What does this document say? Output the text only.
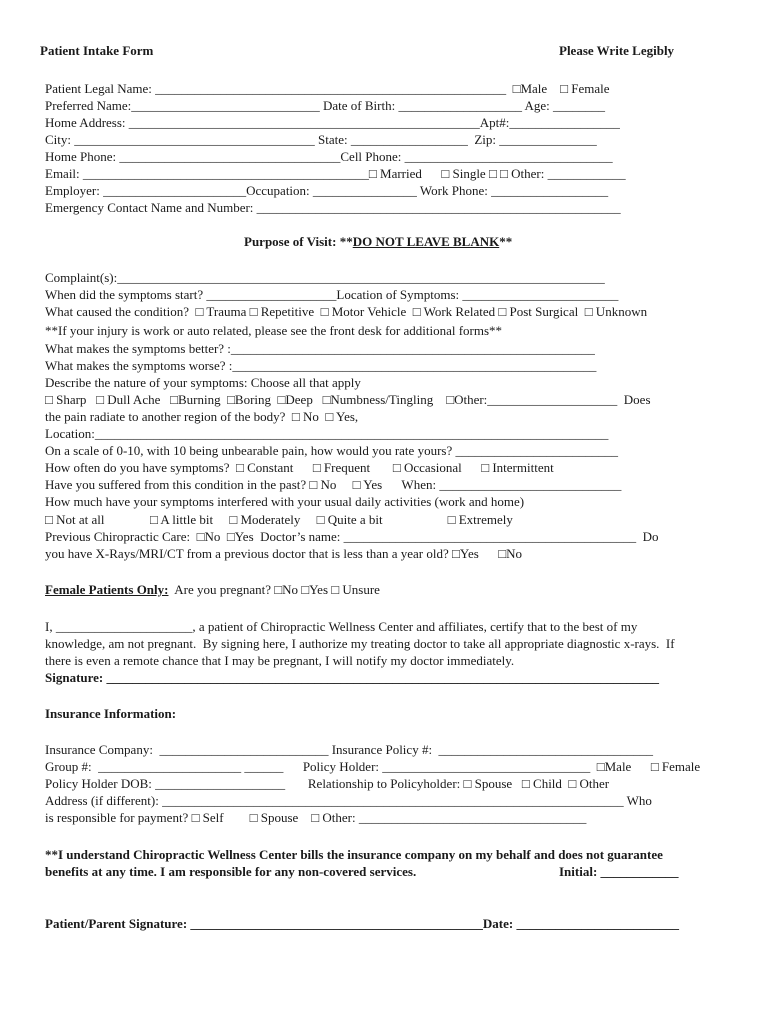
Patient Intake Form	Please Write Legibly
Patient Legal Name: ______________________________________________________  □Male    □ Female
Preferred Name:_____________________________ Date of Birth: ___________________ Age: ________
Home Address: ______________________________________________________Apt#:_________________
City: _____________________________________ State: __________________  Zip: _______________
Home Phone: __________________________________Cell Phone: ________________________________
Email: ____________________________________________□ Married      □ Single □ □ Other: ____________
Employer: ______________________Occupation: ________________ Work Phone: __________________
Emergency Contact Name and Number: ________________________________________________________
Purpose of Visit: **DO NOT LEAVE BLANK**
Complaint(s):___________________________________________________________________________
When did the symptoms start? ____________________Location of Symptoms: ________________________
What caused the condition?  □ Trauma □ Repetitive  □ Motor Vehicle  □ Work Related □ Post Surgical  □ Unknown
**If your injury is work or auto related, please see the front desk for additional forms**
What makes the symptoms better? :________________________________________________________
What makes the symptoms worse? :________________________________________________________
Describe the nature of your symptoms: Choose all that apply
□ Sharp   □ Dull Ache   □Burning  □Boring  □Deep   □Numbness/Tingling    □Other:____________________  Does
the pain radiate to another region of the body?  □ No  □ Yes,
Location:_______________________________________________________________________________
On a scale of 0-10, with 10 being unbearable pain, how would you rate yours? _________________________
How often do you have symptoms?  □ Constant      □ Frequent       □ Occasional      □ Intermittent
Have you suffered from this condition in the past? □ No     □ Yes      When: ____________________________
How much have your symptoms interfered with your usual daily activities (work and home)
□ Not at all              □ A little bit     □ Moderately     □ Quite a bit                    □ Extremely
Previous Chiropractic Care:  □No  □Yes  Doctor’s name: _____________________________________________  Do
you have X-Rays/MRI/CT from a previous doctor that is less than a year old? □Yes      □No
Female Patients Only:  Are you pregnant? □No □Yes □ Unsure
I, _____________________, a patient of Chiropractic Wellness Center and affiliates, certify that to the best of my
knowledge, am not pregnant.  By signing here, I authorize my treating doctor to take all appropriate diagnostic x-rays.  If
there is even a remote chance that I may be pregnant, I will notify my doctor immediately.
Signature: _____________________________________________________________________________________
Insurance Information:
Insurance Company:  __________________________ Insurance Policy #:  _________________________________
Group #:  ______________________ ______      Policy Holder: ________________________________  □Male      □ Female
Policy Holder DOB: ____________________       Relationship to Policyholder: □ Spouse   □ Child  □ Other
Address (if different): _______________________________________________________________________ Who
is responsible for payment? □ Self        □ Spouse    □ Other: ___________________________________
**I understand Chiropractic Wellness Center bills the insurance company on my behalf and does not guarantee
benefits at any time. I am responsible for any non-covered services.	Initial: ____________
Patient/Parent Signature: _____________________________________________Date: _________________________
